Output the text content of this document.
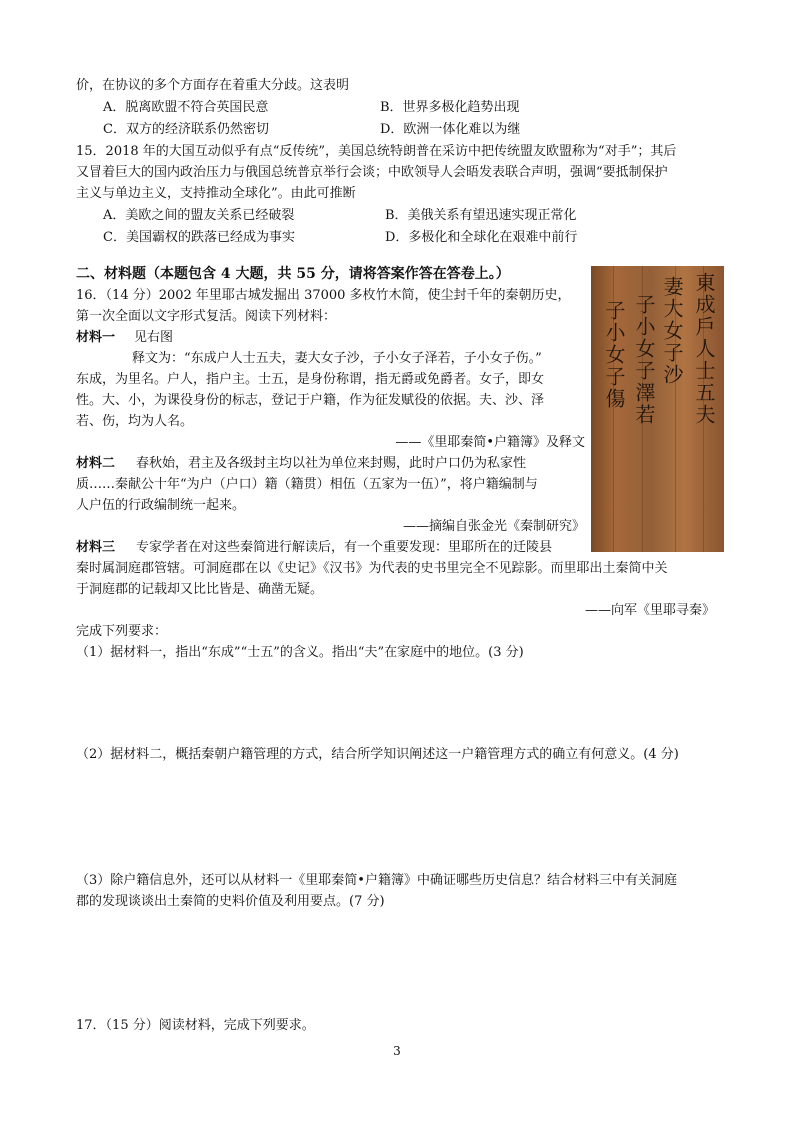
价，在协议的多个方面存在着重大分歧。这表明
A．脱离欧盟不符合英国民意	B．世界多极化趋势出现
C．双方的经济联系仍然密切	D．欧洲一体化难以为继
15．2018 年的大国互动似乎有点“反传统”，美国总统特朗普在采访中把传统盟友欧盟称为“对手”；其后
又冒着巨大的国内政治压力与俄国总统普京举行会谈；中欧领导人会晤发表联合声明，强调“要抵制保护
主义与单边主义，支持推动全球化”。由此可推断
A．美欧之间的盟友关系已经破裂	B．美俄关系有望迅速实现正常化
C．美国霸权的跌落已经成为事实	D．多极化和全球化在艰难中前行
二、材料题（本题包含 4 大题，共 55 分，请将答案作答在答卷上。）	東成戶人士五夫
妻大女子沙
子小女子澤若
子小女子傷
16．（14 分）2002 年里耶古城发掘出 37000 多枚竹木简，使尘封千年的秦朝历史，
第一次全面以文字形式复活。阅读下列材料：
材料一 见右图
释文为：“东成户人士五夫，妻大女子沙，子小女子泽若，子小女子伤。”
东成，为里名。户人，指户主。士五，是身份称谓，指无爵或免爵者。女子，即女
性。大、小，为课役身份的标志，登记于户籍，作为征发赋役的依据。夫、沙、泽
若、伤，均为人名。
——《里耶秦简•户籍簿》及释文
材料二 春秋始，君主及各级封主均以社为单位来封赐，此时户口仍为私家性
质……秦献公十年“为户（户口）籍（籍贯）相伍（五家为一伍）”，将户籍编制与
人户伍的行政编制统一起来。
——摘编自张金光《秦制研究》
材料三 专家学者在对这些秦简进行解读后，有一个重要发现：里耶所在的迁陵县
秦时属洞庭郡管辖。可洞庭郡在以《史记》《汉书》为代表的史书里完全不见踪影。而里耶出土秦简中关
于洞庭郡的记载却又比比皆是、确凿无疑。
——向军《里耶寻秦》
完成下列要求：
（1）据材料一，指出“东成”“士五”的含义。指出“夫”在家庭中的地位。(3 分)
（2）据材料二，概括秦朝户籍管理的方式，结合所学知识阐述这一户籍管理方式的确立有何意义。(4 分)
（3）除户籍信息外，还可以从材料一《里耶秦简•户籍簿》中确证哪些历史信息？结合材料三中有关洞庭
郡的发现谈谈出土秦简的史料价值及利用要点。(7 分)
17．（15 分）阅读材料，完成下列要求。
3
